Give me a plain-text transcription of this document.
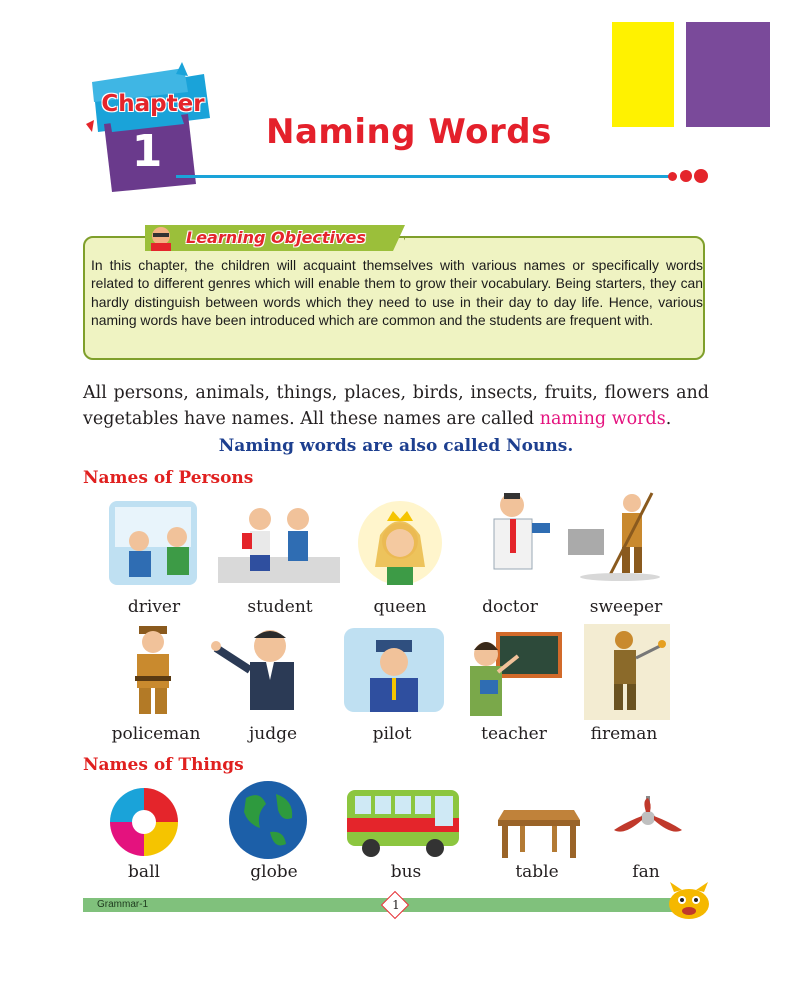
Chapter
1	Naming Words
Learning Objectives
In this chapter, the children will acquaint themselves with various names or specifically words related to different genres which will enable them to grow their vocabulary. Being starters, they can hardly distinguish between words which they need to use in their day to day life. Hence, various naming words have been introduced which are common and the students are frequent with.
All persons, animals, things, places, birds, insects, fruits, flowers and vegetables have names. All these names are called naming words.
Naming words are also called Nouns.
Names of Persons
driver	student	queen	doctor	sweeper
policeman	judge	pilot	teacher	fireman
Names of Things
ball	globe	bus	table	fan
Grammar-1	1
